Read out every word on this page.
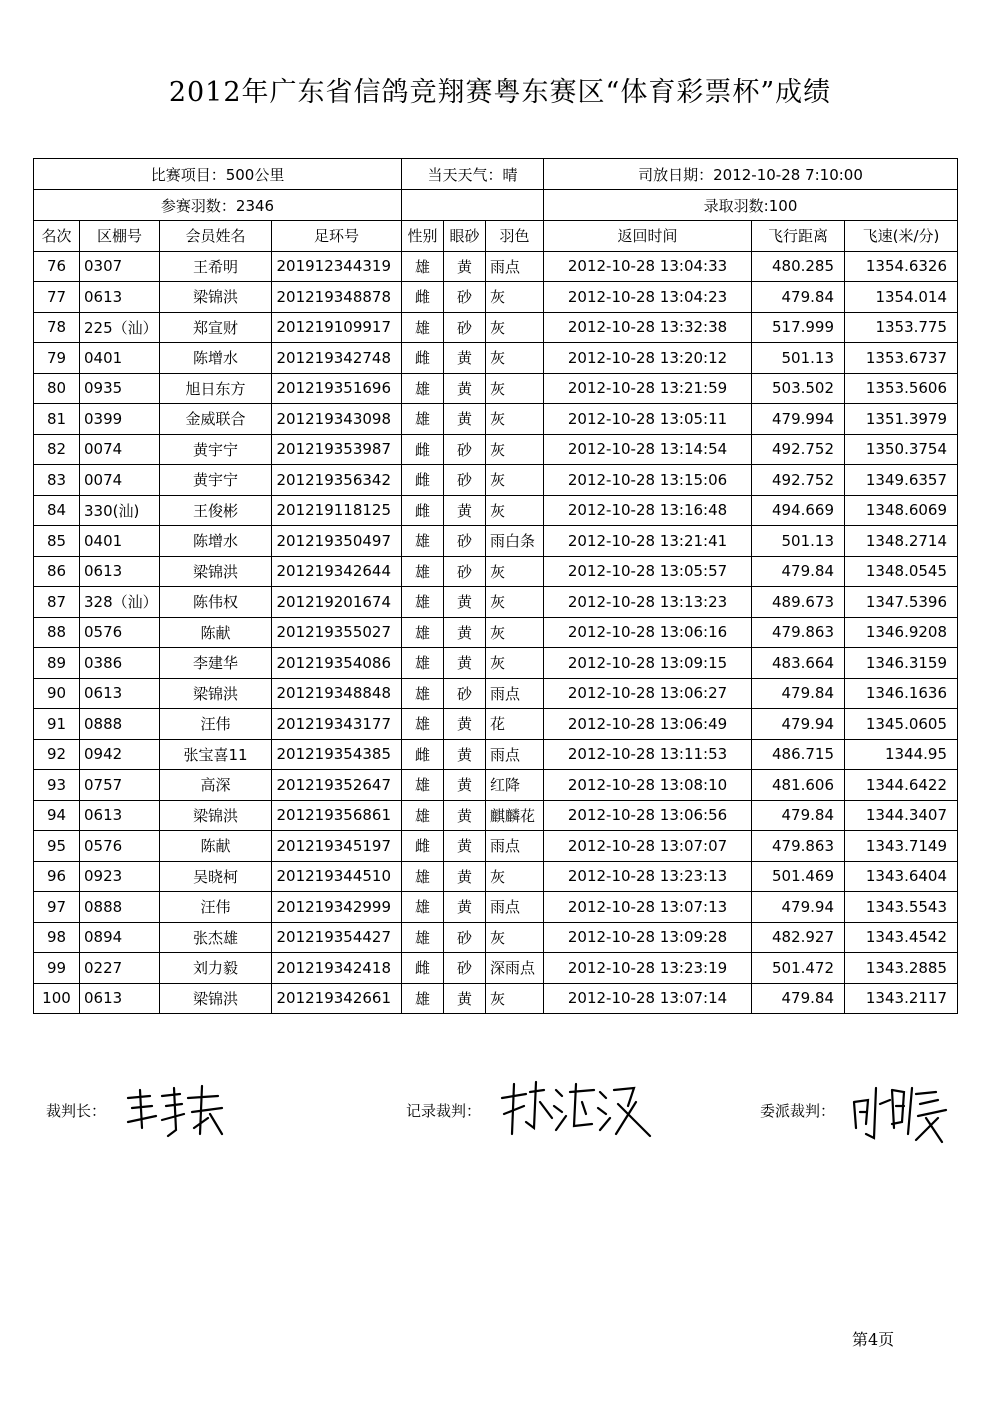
2012年广东省信鸽竞翔赛粤东赛区“体育彩票杯”成绩
比赛项目：500公里				当天天气：晴			司放日期：2012-10-28 7:10:00		
参赛羽数：2346							录取羽数:100		
名次	区棚号	会员姓名	足环号	性别	眼砂	羽色	返回时间	飞行距离	飞速(米/分)
76	0307	王希明	201912344319	雄	黄	雨点	2012-10-28 13:04:33	480.285	1354.6326
77	0613	梁锦洪	201219348878	雌	砂	灰	2012-10-28 13:04:23	479.84	1354.014
78	225（汕）	郑宣财	201219109917	雄	砂	灰	2012-10-28 13:32:38	517.999	1353.775
79	0401	陈增水	201219342748	雌	黄	灰	2012-10-28 13:20:12	501.13	1353.6737
80	0935	旭日东方	201219351696	雄	黄	灰	2012-10-28 13:21:59	503.502	1353.5606
81	0399	金威联合	201219343098	雄	黄	灰	2012-10-28 13:05:11	479.994	1351.3979
82	0074	黄宇宁	201219353987	雌	砂	灰	2012-10-28 13:14:54	492.752	1350.3754
83	0074	黄宇宁	201219356342	雌	砂	灰	2012-10-28 13:15:06	492.752	1349.6357
84	330(汕)	王俊彬	201219118125	雌	黄	灰	2012-10-28 13:16:48	494.669	1348.6069
85	0401	陈增水	201219350497	雄	砂	雨白条	2012-10-28 13:21:41	501.13	1348.2714
86	0613	梁锦洪	201219342644	雄	砂	灰	2012-10-28 13:05:57	479.84	1348.0545
87	328（汕）	陈伟权	201219201674	雄	黄	灰	2012-10-28 13:13:23	489.673	1347.5396
88	0576	陈献	201219355027	雄	黄	灰	2012-10-28 13:06:16	479.863	1346.9208
89	0386	李建华	201219354086	雄	黄	灰	2012-10-28 13:09:15	483.664	1346.3159
90	0613	梁锦洪	201219348848	雄	砂	雨点	2012-10-28 13:06:27	479.84	1346.1636
91	0888	汪伟	201219343177	雄	黄	花	2012-10-28 13:06:49	479.94	1345.0605
92	0942	张宝喜11	201219354385	雌	黄	雨点	2012-10-28 13:11:53	486.715	1344.95
93	0757	高深	201219352647	雄	黄	红降	2012-10-28 13:08:10	481.606	1344.6422
94	0613	梁锦洪	201219356861	雄	黄	麒麟花	2012-10-28 13:06:56	479.84	1344.3407
95	0576	陈献	201219345197	雌	黄	雨点	2012-10-28 13:07:07	479.863	1343.7149
96	0923	吴晓柯	201219344510	雄	黄	灰	2012-10-28 13:23:13	501.469	1343.6404
97	0888	汪伟	201219342999	雄	黄	雨点	2012-10-28 13:07:13	479.94	1343.5543
98	0894	张杰雄	201219354427	雄	砂	灰	2012-10-28 13:09:28	482.927	1343.4542
99	0227	刘力毅	201219342418	雌	砂	深雨点	2012-10-28 13:23:19	501.472	1343.2885
100	0613	梁锦洪	201219342661	雄	黄	灰	2012-10-28 13:07:14	479.84	1343.2117
裁判长：	记录裁判：	委派裁判：
第4页
